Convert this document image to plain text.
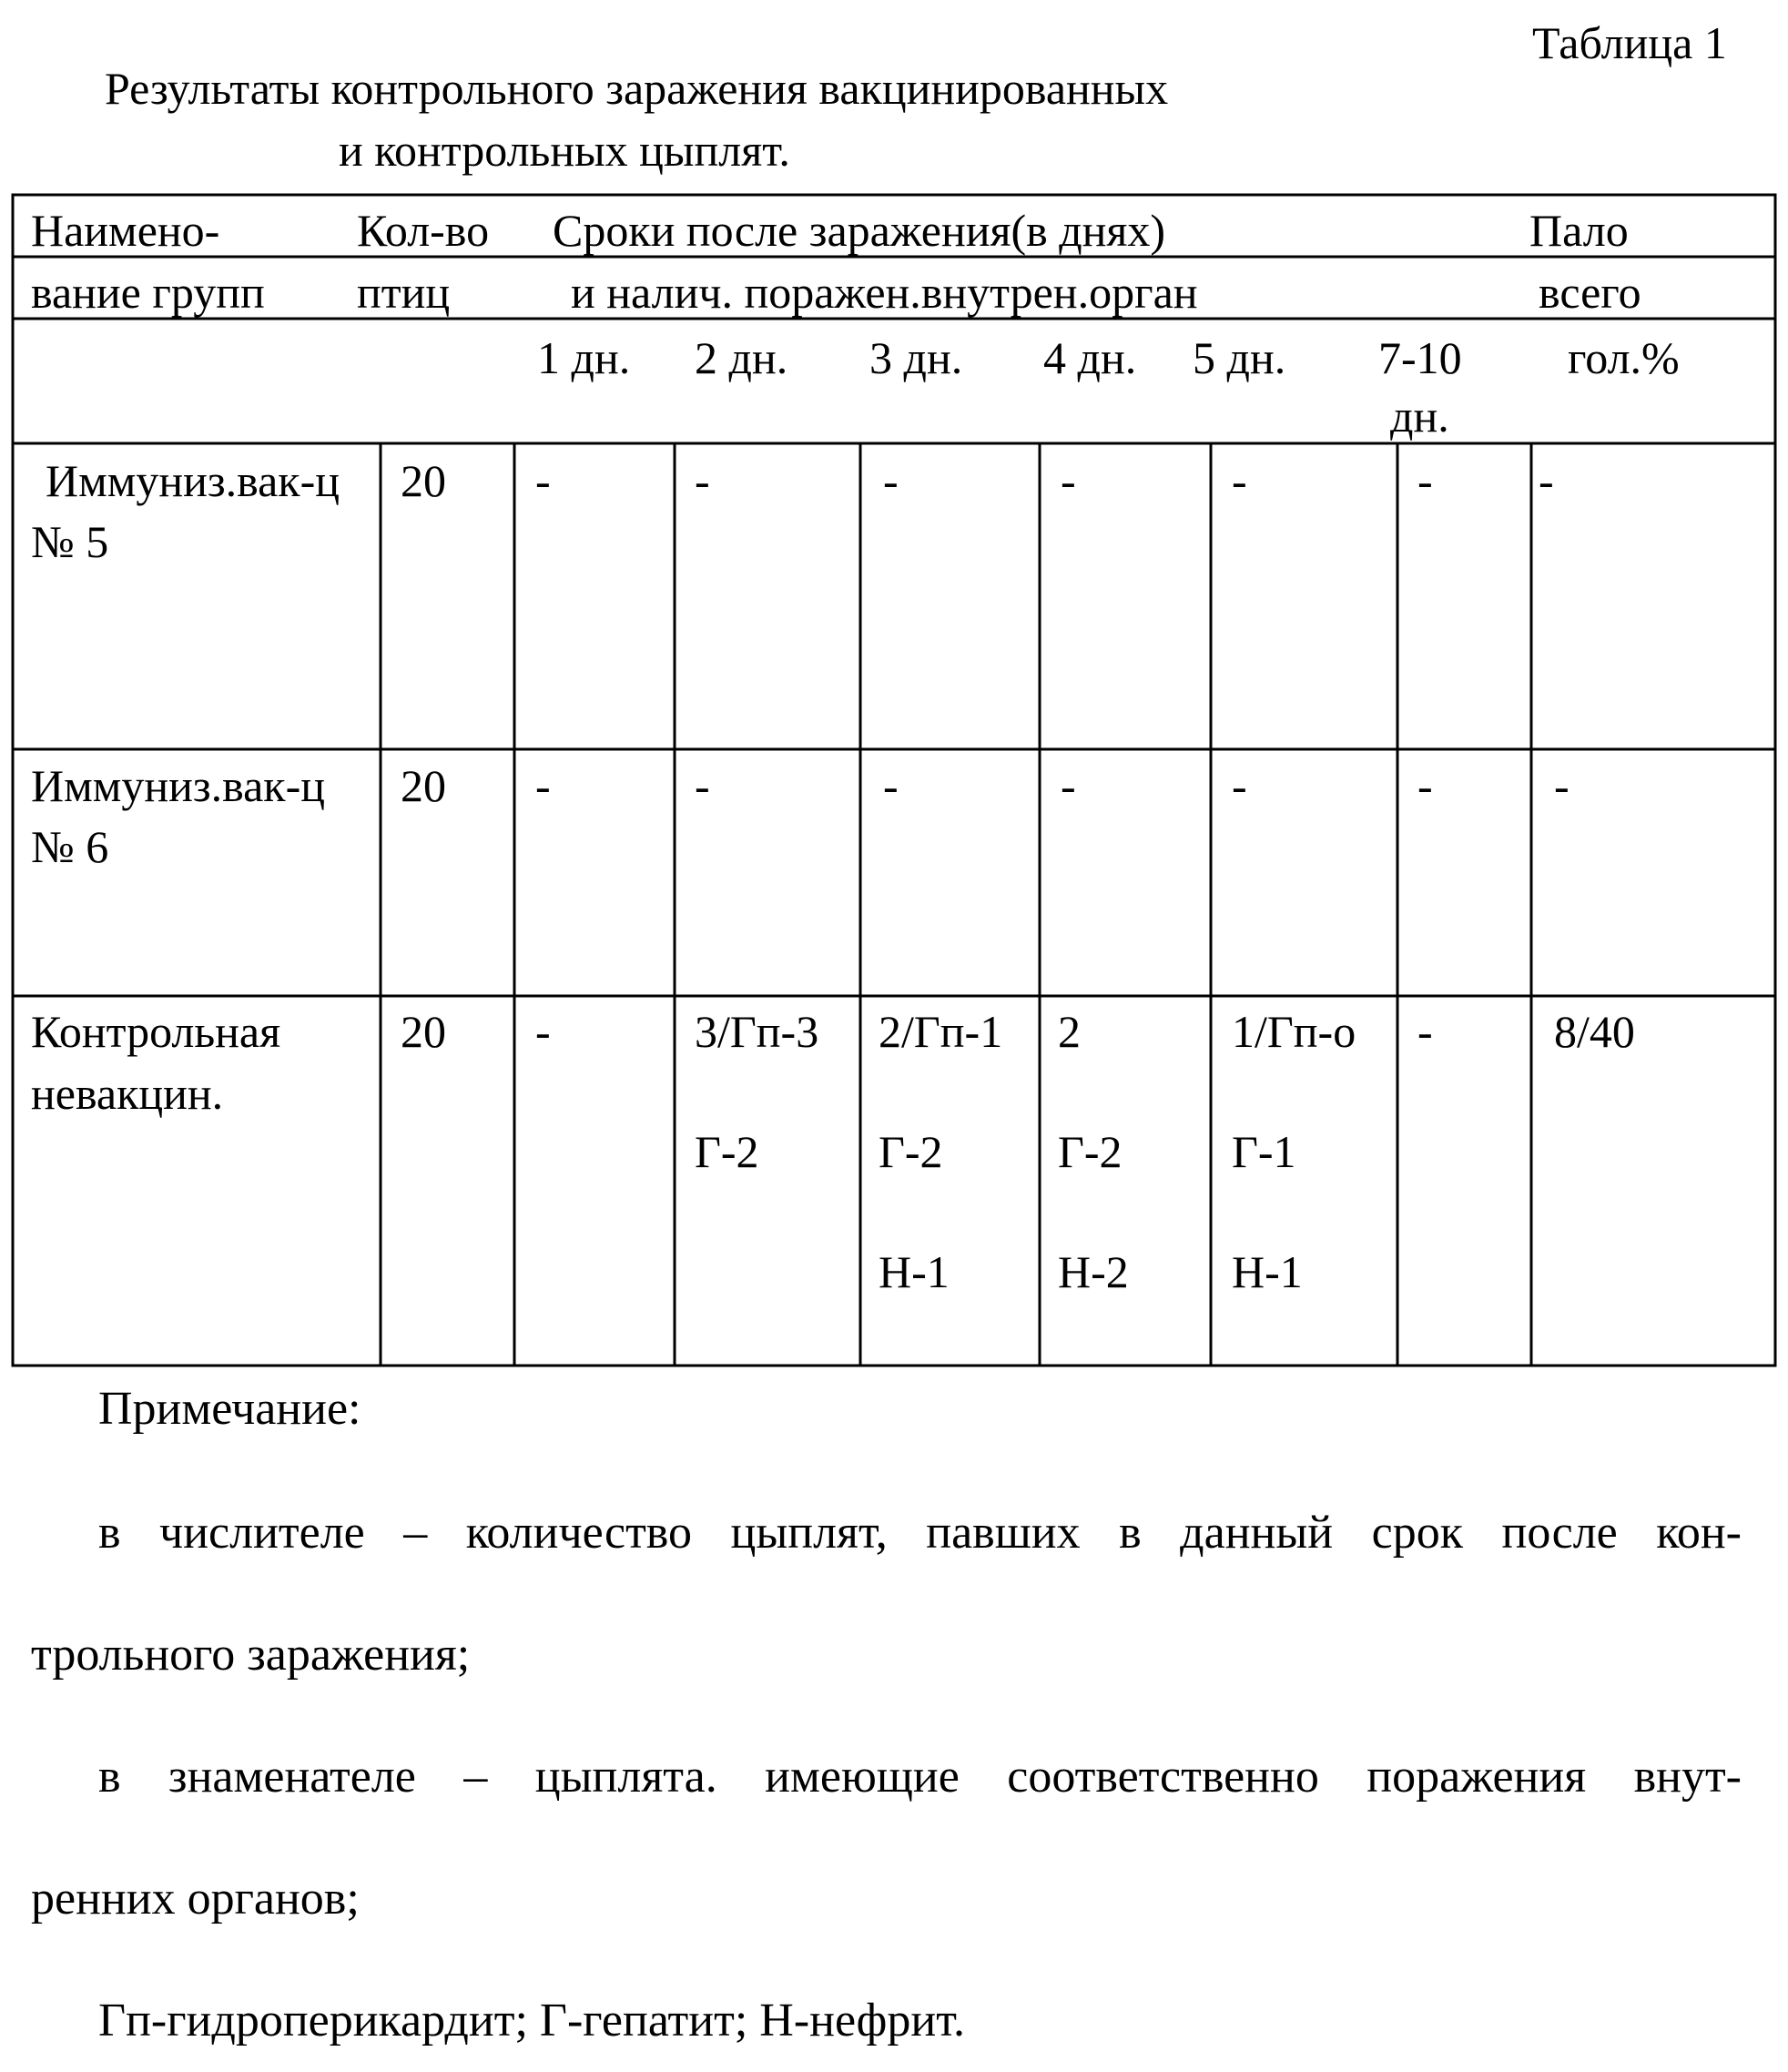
Таблица 1
Результаты контрольного заражения вакцинированных
и контрольных цыплят.
Наимено-
вание групп
Кол-во
птиц
Сроки после заражения(в днях)
и налич. поражен.внутрен.орган
Пало
всего
гол.%
1 дн. 2 дн. 3 дн. 4 дн. 5 дн. 7-10
дн.
Иммуниз.вак-ц
№ 5
20 -	-	-	-	-	- -
Иммуниз.вак-ц
№ 6
20 -	-	-	-	-	-	-
Контрольная
невакцин.
20 -	3/Гп-3
Г-2
2/Гп-1
Г-2
Н-1
2
Г-2
Н-2
1/Гп-о
Г-1
Н-1
-	8/40
Примечание:
в числителе – количество цыплят, павших в данный срок после кон-
трольного заражения;
в знаменателе – цыплята. имеющие соответственно поражения внут-
ренних органов;
Гп-гидроперикардит; Г-гепатит; Н-нефрит.
